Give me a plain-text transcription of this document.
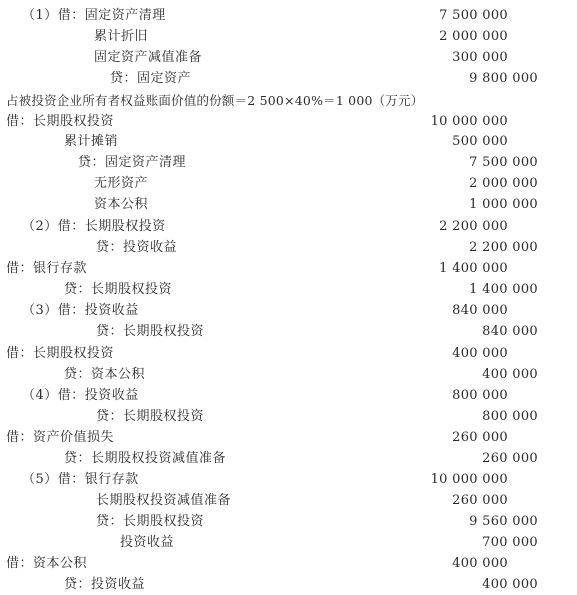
（1）借：固定资产清理	7 500 000
累计折旧	2 000 000
固定资产减值准备	300 000
贷：固定资产	9 800 000
占被投资企业所有者权益账面价值的份额＝2 500×40%＝1 000（万元）
借：长期股权投资	10 000 000
累计摊销	500 000
贷：固定资产清理	7 500 000
无形资产	2 000 000
资本公积	1 000 000
（2）借：长期股权投资	2 200 000
贷：投资收益	2 200 000
借：银行存款	1 400 000
贷：长期股权投资	1 400 000
（3）借：投资收益	840 000
贷：长期股权投资	840 000
借：长期股权投资	400 000
贷：资本公积	400 000
（4）借：投资收益	800 000
贷：长期股权投资	800 000
借：资产价值损失	260 000
贷：长期股权投资减值准备	260 000
（5）借：银行存款	10 000 000
长期股权投资减值准备	260 000
贷：长期股权投资	9 560 000
投资收益	700 000
借：资本公积	400 000
贷：投资收益	400 000
